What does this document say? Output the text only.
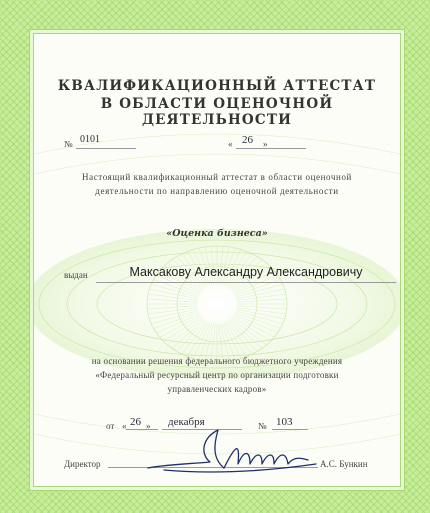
КВАЛИФИКАЦИОННЫЙ АТТЕСТАТ
В ОБЛАСТИ ОЦЕНОЧНОЙ ДЕЯТЕЛЬНОСТИ
№ 0101	« 26 »
Настоящий квалификационный аттестат в области оценочной
деятельности по направлению оценочной деятельности
«Оценка бизнеса»
выдан	Максакову Александру Александровичу
на основании решения федерального бюджетного учреждения
«Федеральный ресурсный центр по организации подготовки
управленческих кадров»
от « 26 » декабря	№ 103
Директор	А.С. Бункин
